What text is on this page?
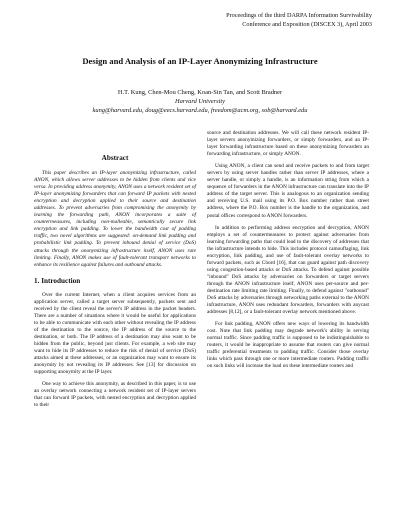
Proceedings of the third DARPA Information Survivability
Conference and Exposition (DISCEX 3), April 2003
Design and Analysis of an IP-Layer Anonymizing Infrastructure
H.T. Kung, Chen-Mou Cheng, Koan-Sin Tan, and Scott Bradner
Harvard University
kung@harvard.edu, doug@eecs.harvard.edu, freedom@acm.org, sob@harvard.edu
Abstract

This paper describes an IP-layer anonymizing infrastructure, called ANON, which allows server addresses to be hidden from clients and vice versa. In providing address anonymity, ANON uses a network resident set of IP-layer anonymizing forwarders that can forward IP packets with nested encryption and decryption applied to their source and destination addresses. To prevent adversaries from compromising the anonymity by learning the forwarding path, ANON incorporates a suite of countermeasures, including non-malleable, semantically secure link encryption and link padding. To lower the bandwidth cost of padding traffic, two novel algorithms are suggested: on-demand link padding and probabilistic link padding. To prevent inbound denial of service (DoS) attacks through the anonymizing infrastructure itself, ANON uses rate limiting. Finally, ANON makes use of fault-tolerant transport networks to enhance its resilience against failures and outbound attacks.

1. Introduction

Over the current Internet, when a client acquires services from an application server, called a target server subsequently, packets sent and received by the client reveal the server's IP address in the packet headers. There are a number of situations where it would be useful for applications to be able to communicate with each other without revealing the IP address of the destination to the source, the IP address of the source to the destination, or both. The IP address of a destination may also want to be hidden from the public, beyond just clients. For example, a web site may want to hide its IP addresses to reduce the risk of denial of service (DoS) attacks aimed at these addresses, or an organization may want to ensure its anonymity by not revealing its IP addresses. See [13] for discussion on supporting anonymity at the IP layer.

One way to achieve this anonymity, as described in this paper, is to use an overlay network connecting a network resident set of IP-layer servers that can forward IP packets, with nested encryption and decryption applied to their

source and destination addresses. We will call these network resident IP-layer servers anonymizing forwarders, or simply forwarders, and an IP-layer forwarding infrastructure based on these anonymizing forwarders an forwarding infrastructure, or simply ANON.

Using ANON, a client can send and receive packets to and from target servers by using server handles rather than server IP addresses, where a server handle, or simply a handle, is an information string from which a sequence of forwarders in the ANON infrastructure can translate into the IP address of the target server. This is analogous to an organization sending and receiving U.S. mail using its P.O. Box number rather than street address, where the P.O. Box number is the handle to the organization, and postal offices correspond to ANON forwarders.

In addition to performing address encryption and decryption, ANON employs a set of countermeasures to protect against adversaries from learning forwarding paths that could lead to the discovery of addresses that the infrastructure intends to hide. This includes protocol camouflaging, link encryption, link padding, and use of fault-tolerant overlay networks to forward packets, such as Chord [16], that can guard against path discovery using congestion-based attacks or DoS attacks. To defend against possible "inbound" DoS attacks by adversaries on forwarders or target servers through the ANON infrastructure itself, ANON uses per-source and per-destination rate limiting rate limiting. Finally, to defend against "outbound" DoS attacks by adversaries through networking paths external to the ANON infrastructure, ANON uses redundant forwarders, forwarders with anycast addresses [8,12], or a fault-tolerant overlay network mentioned above.

For link padding, ANON offers new ways of lowering its bandwidth cost. Note that link padding may degrade network's ability in serving normal traffic. Since padding traffic is supposed to be indistinguishable to routers, it would be inappropriate to assume that routers can give normal traffic preferential treatments to padding traffic. Consider those overlay links which pass through one or more intermediate routers. Padding traffic on such links will increase the load on these intermediate routers and
